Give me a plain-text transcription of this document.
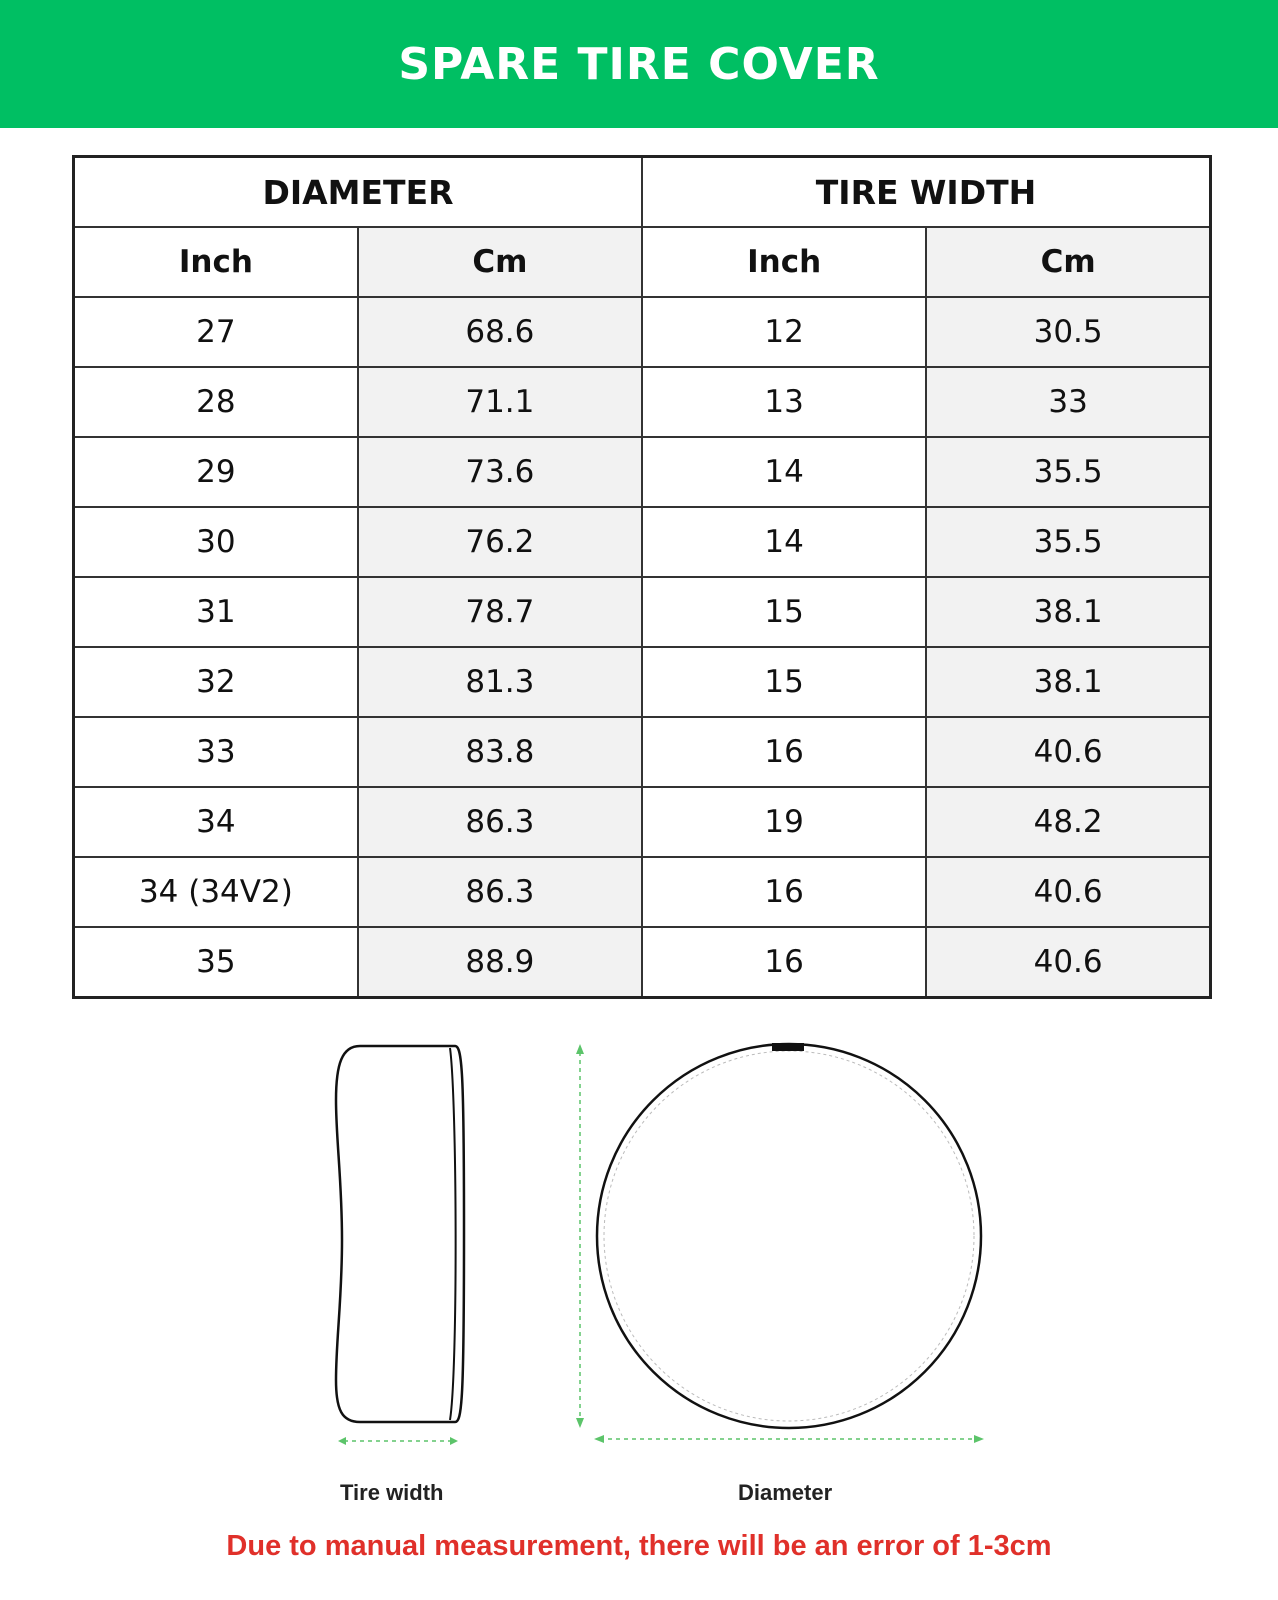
SPARE TIRE COVER
DIAMETER		TIRE WIDTH	
Inch	Cm	Inch	Cm
27	68.6	12	30.5
28	71.1	13	33
29	73.6	14	35.5
30	76.2	14	35.5
31	78.7	15	38.1
32	81.3	15	38.1
33	83.8	16	40.6
34	86.3	19	48.2
34 (34V2)	86.3	16	40.6
35	88.9	16	40.6
Tire width	Diameter
Due to manual measurement, there will be an error of 1-3cm
